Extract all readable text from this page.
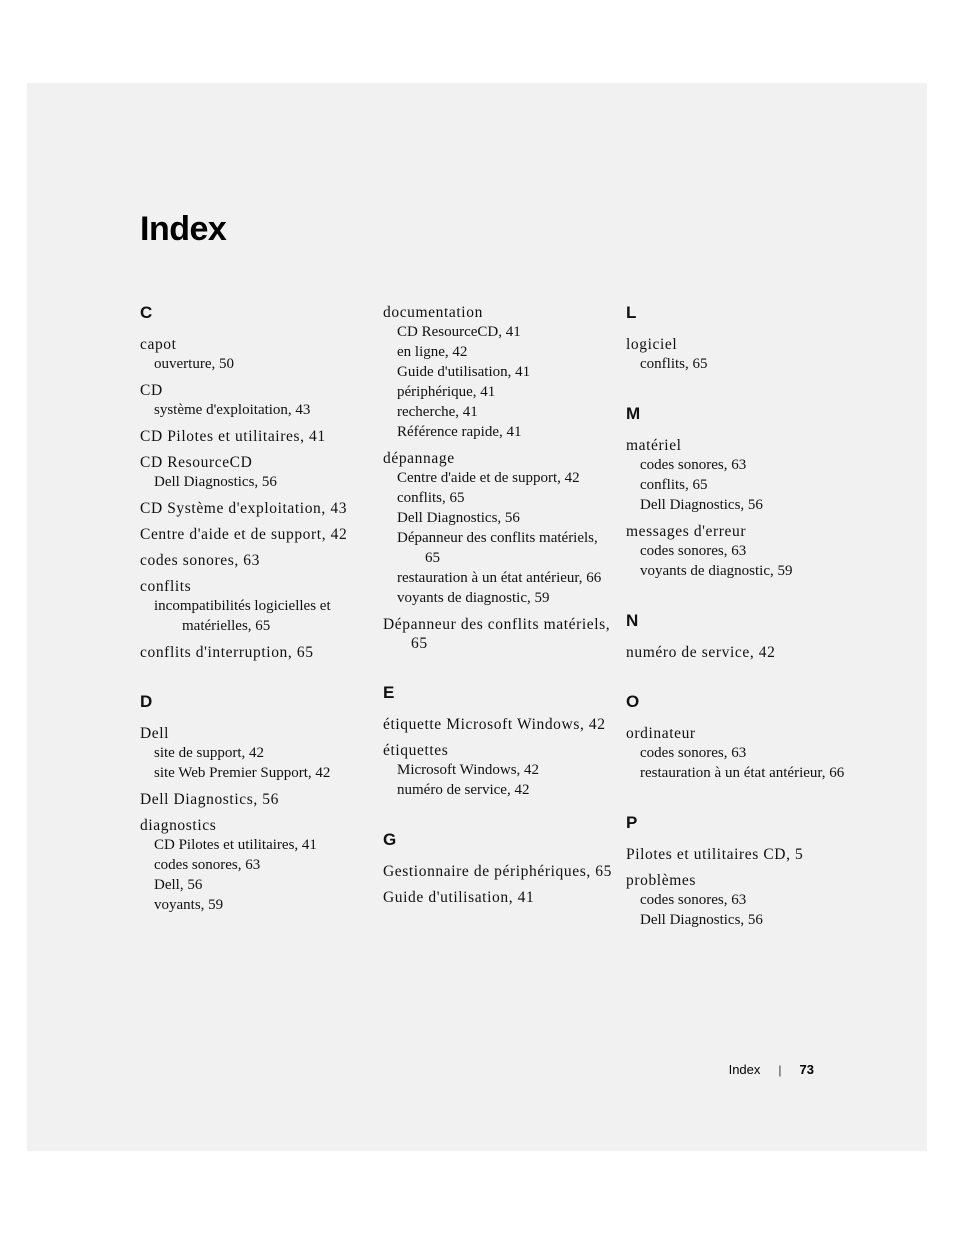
Index
C
capot
ouverture, 50
CD
système d'exploitation, 43
CD Pilotes et utilitaires, 41
CD ResourceCD
Dell Diagnostics, 56
CD Système d'exploitation, 43
Centre d'aide et de support, 42
codes sonores, 63
conflits
incompatibilités logicielles et matérielles, 65
conflits d'interruption, 65
D
Dell
site de support, 42
site Web Premier Support, 42
Dell Diagnostics, 56
diagnostics
CD Pilotes et utilitaires, 41
codes sonores, 63
Dell, 56
voyants, 59
documentation
CD ResourceCD, 41
en ligne, 42
Guide d'utilisation, 41
périphérique, 41
recherche, 41
Référence rapide, 41
dépannage
Centre d'aide et de support, 42
conflits, 65
Dell Diagnostics, 56
Dépanneur des conflits matériels, 65
restauration à un état antérieur, 66
voyants de diagnostic, 59
Dépanneur des conflits matériels, 65
E
étiquette Microsoft Windows, 42
étiquettes
Microsoft Windows, 42
numéro de service, 42
G
Gestionnaire de périphériques, 65
Guide d'utilisation, 41
L
logiciel
conflits, 65
M
matériel
codes sonores, 63
conflits, 65
Dell Diagnostics, 56
messages d'erreur
codes sonores, 63
voyants de diagnostic, 59
N
numéro de service, 42
O
ordinateur
codes sonores, 63
restauration à un état antérieur, 66
P
Pilotes et utilitaires CD, 5
problèmes
codes sonores, 63
Dell Diagnostics, 56
Index | 73
